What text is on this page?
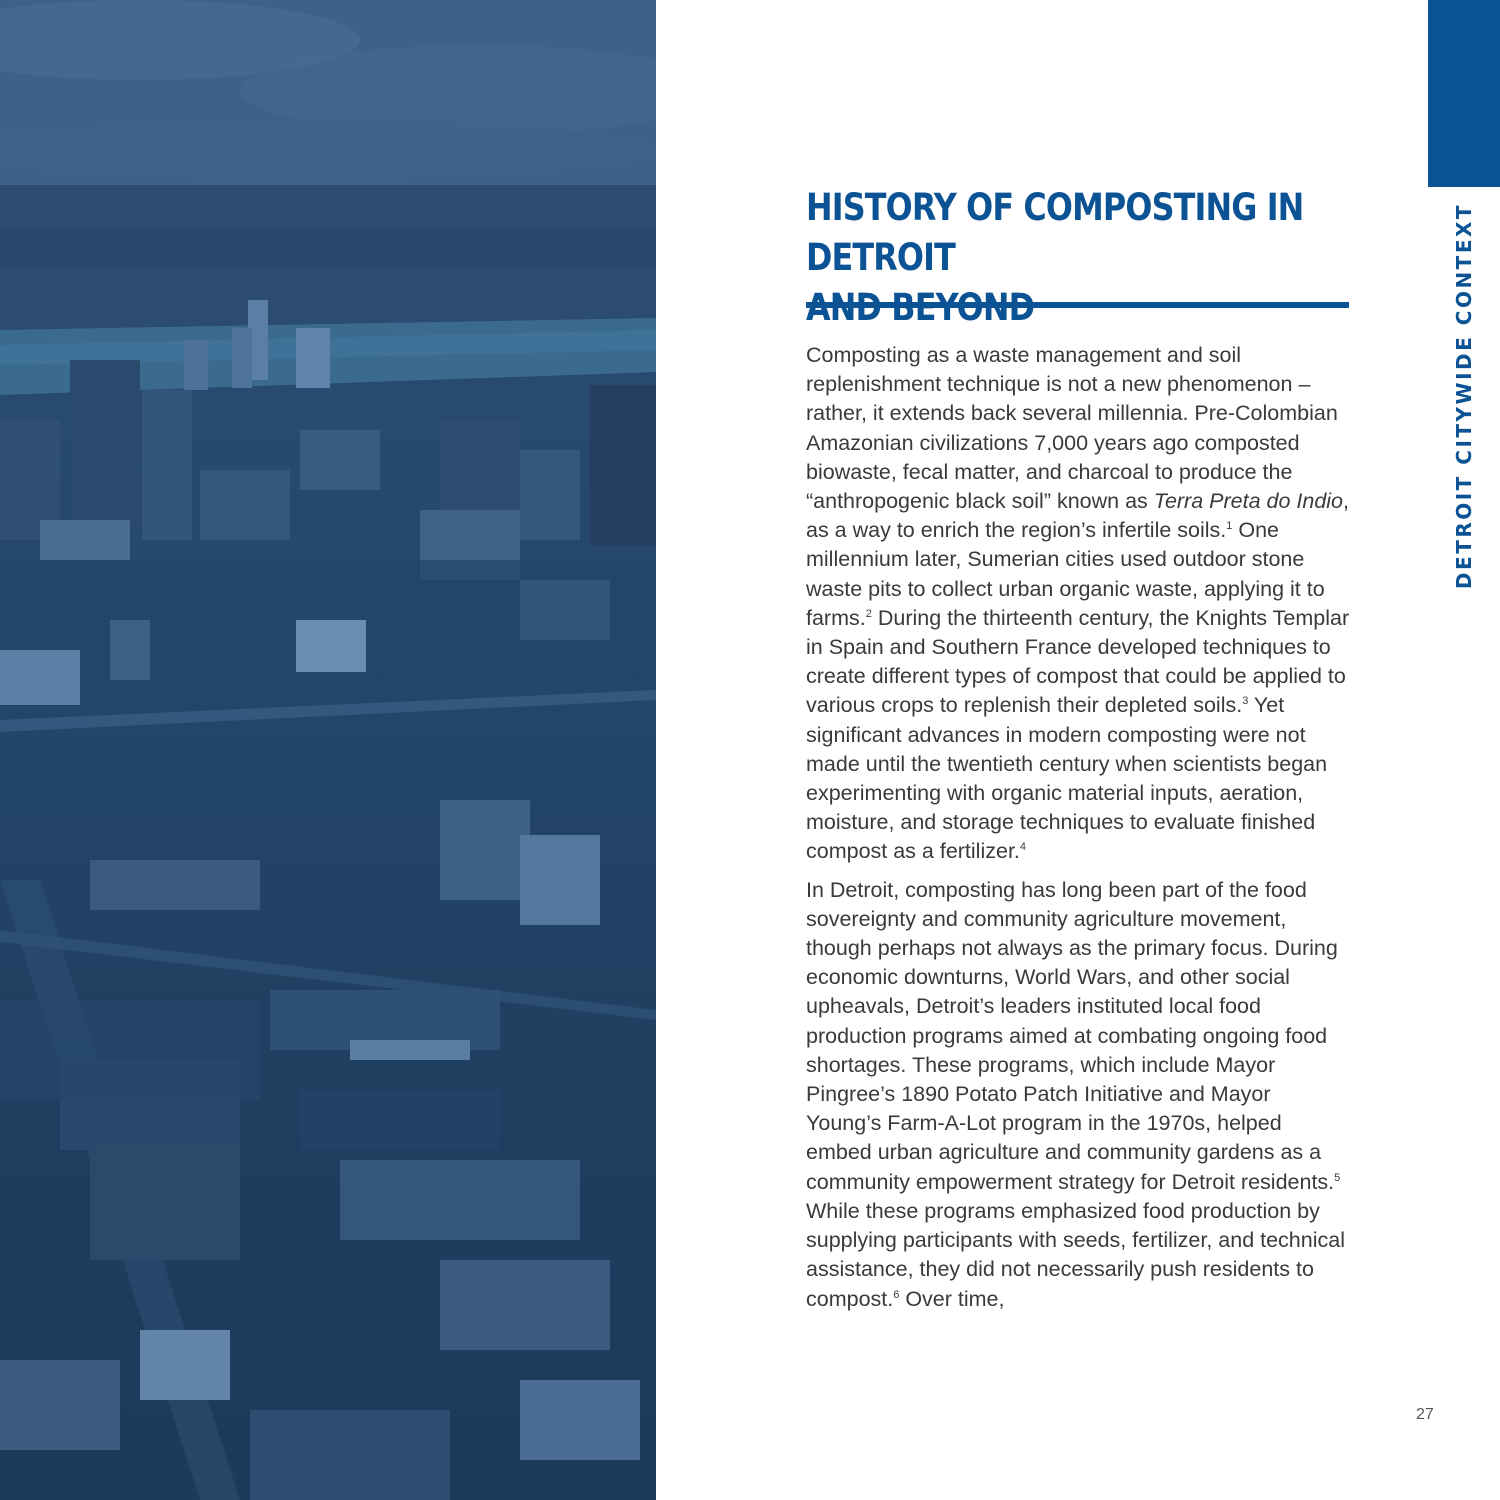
DETROIT CITYWIDE CONTEXT
HISTORY OF COMPOSTING IN DETROIT

Composting as a waste management and soil replenishment technique is not a new phenomenon – rather, it extends back several millennia. Pre-Colombian Amazonian civilizations 7,000 years ago composted biowaste, fecal matter, and charcoal to produce the “anthropogenic black soil” known as Terra Preta do Indio, as a way to enrich the region’s infertile soils.$^1$ One millennium later, Sumerian cities used outdoor stone waste pits to collect urban organic waste, applying it to farms.$^2$ During the thirteenth century, the Knights Templar in Spain and Southern France developed techniques to create different types of compost that could be applied to various crops to replenish their depleted soils.$^3$ Yet significant advances in modern composting were not made until the twentieth century when scientists began experimenting with organic material inputs, aeration, moisture, and storage techniques to evaluate finished compost as a fertilizer.$^4$

In Detroit, composting has long been part of the food sovereignty and community agriculture movement, though perhaps not always as the primary focus. During economic downturns, World Wars, and other social upheavals, Detroit’s leaders instituted local food production programs aimed at combating ongoing food shortages. These programs, which include Mayor Pingree’s 1890 Potato Patch Initiative and Mayor Young’s Farm-A-Lot program in the 1970s, helped embed urban agriculture and community gardens as a community empowerment strategy for Detroit residents.$^5$ While these programs emphasized food production by supplying participants with seeds, fertilizer, and technical assistance, they did not necessarily push residents to compost.$^6$ Over time,

27
